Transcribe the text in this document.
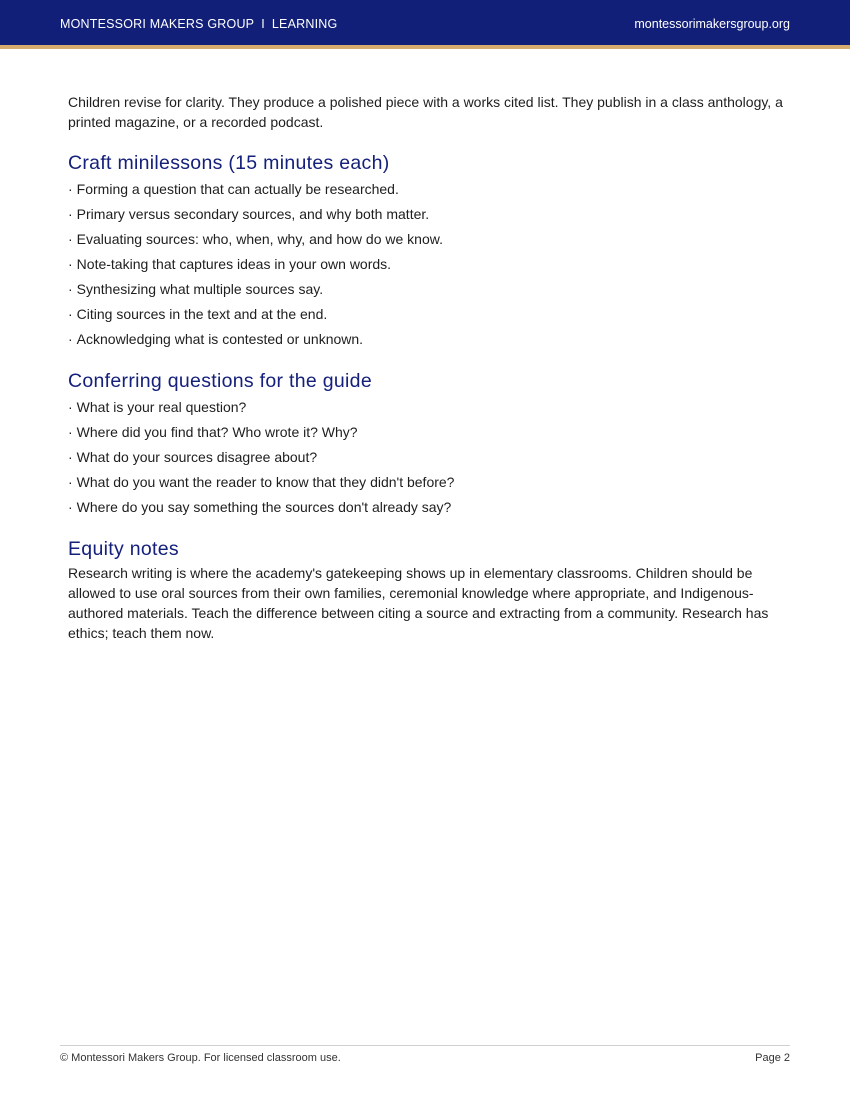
MONTESSORI MAKERS GROUP I LEARNING	montessorimakersgroup.org

Children revise for clarity. They produce a polished piece with a works cited list. They publish in a class anthology, a printed magazine, or a recorded podcast.

Craft minilessons (15 minutes each)
· Forming a question that can actually be researched.
· Primary versus secondary sources, and why both matter.
· Evaluating sources: who, when, why, and how do we know.
· Note-taking that captures ideas in your own words.
· Synthesizing what multiple sources say.
· Citing sources in the text and at the end.
· Acknowledging what is contested or unknown.
Conferring questions for the guide
· What is your real question?
· Where did you find that? Who wrote it? Why?
· What do your sources disagree about?
· What do you want the reader to know that they didn't before?
· Where do you say something the sources don't already say?
Equity notes

Research writing is where the academy's gatekeeping shows up in elementary classrooms. Children should be allowed to use oral sources from their own families, ceremonial knowledge where appropriate, and Indigenous-authored materials. Teach the difference between citing a source and extracting from a community. Research has ethics; teach them now.

© Montessori Makers Group. For licensed classroom use.	Page 2
